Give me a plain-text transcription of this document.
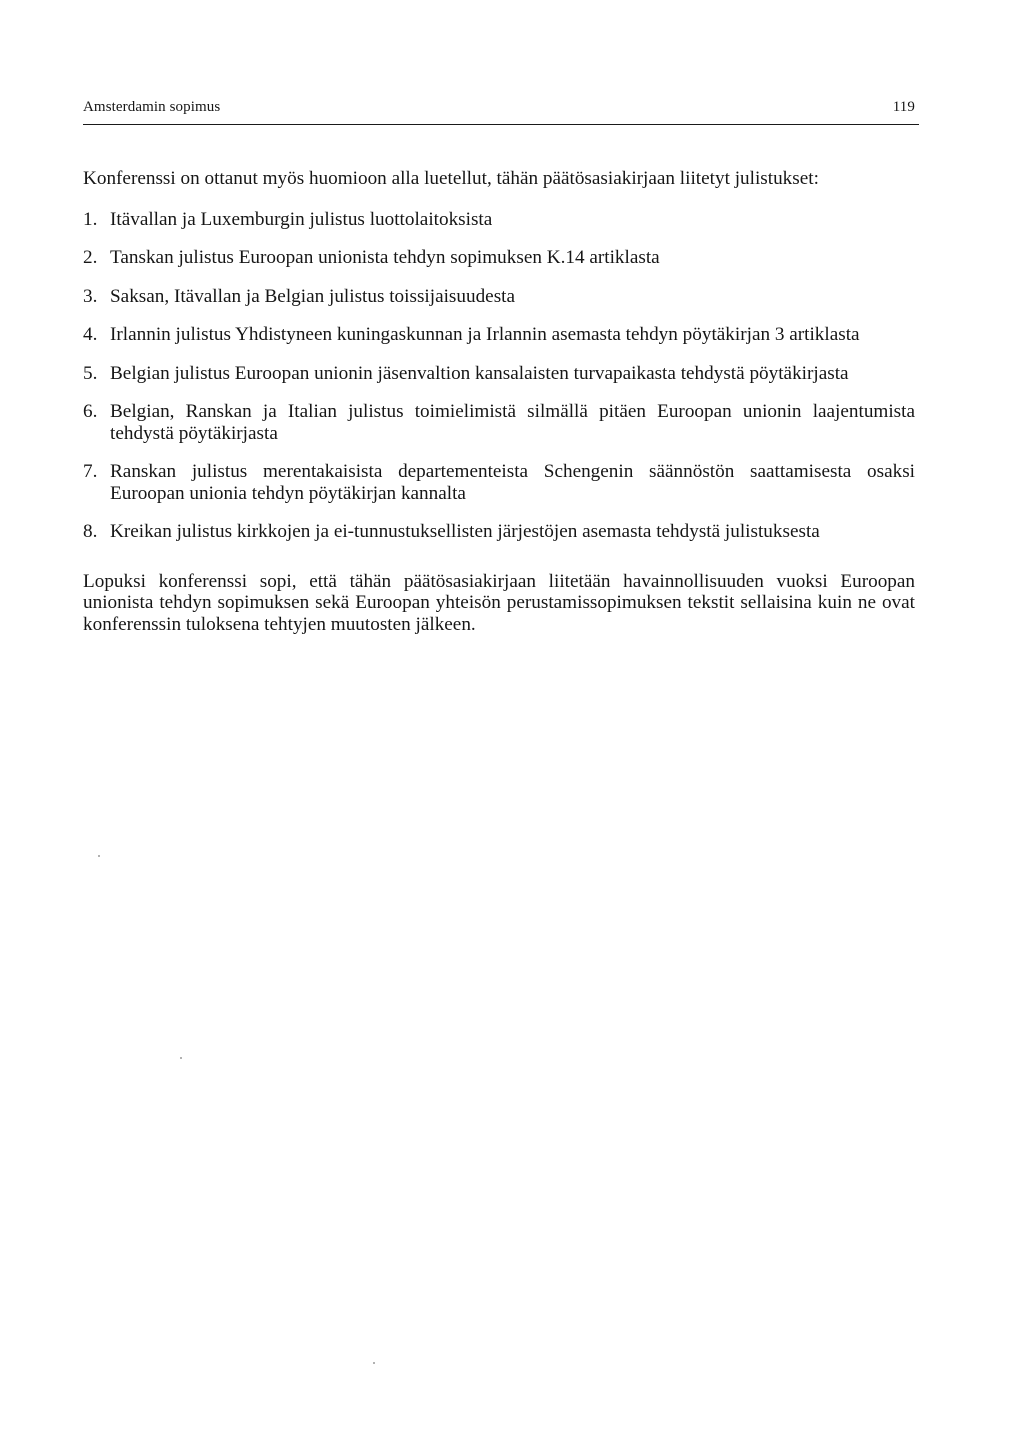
Amsterdamin sopimus	119

Konferenssi on ottanut myös huomioon alla luetellut, tähän päätösasiakirjaan liitetyt julistukset:

1. Itävallan ja Luxemburgin julistus luottolaitoksista
2. Tanskan julistus Euroopan unionista tehdyn sopimuksen K.14 artiklasta
3. Saksan, Itävallan ja Belgian julistus toissijaisuudesta
4. Irlannin julistus Yhdistyneen kuningaskunnan ja Irlannin asemasta tehdyn pöytäkirjan 3 artiklasta
5. Belgian julistus Euroopan unionin jäsenvaltion kansalaisten turvapaikasta tehdystä pöytäkirjasta
6. Belgian, Ranskan ja Italian julistus toimielimistä silmällä pitäen Euroopan unionin laajentumista tehdystä pöytäkirjasta
7. Ranskan julistus merentakaisista departementeista Schengenin säännöstön saattamisesta osaksi Euroopan unionia tehdyn pöytäkirjan kannalta
8. Kreikan julistus kirkkojen ja ei-tunnustuksellisten järjestöjen asemasta tehdystä julistuksesta

Lopuksi konferenssi sopi, että tähän päätösasiakirjaan liitetään havainnollisuuden vuoksi Euroopan unionista tehdyn sopimuksen sekä Euroopan yhteisön perustamissopimuksen tekstit sellaisina kuin ne ovat konferenssin tuloksena tehtyjen muutosten jälkeen.
